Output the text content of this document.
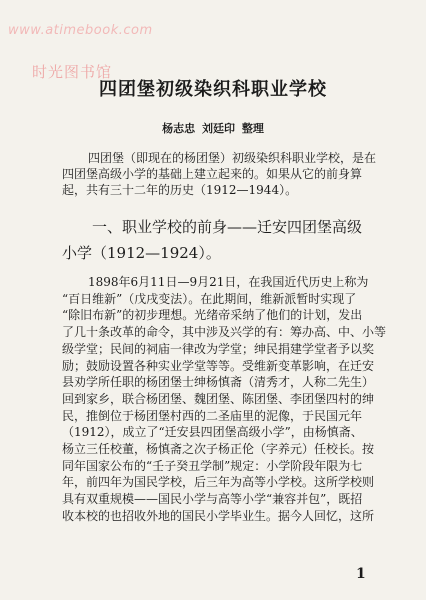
www.atimebook.com
时光图书馆
四团堡初级染织科职业学校
杨志忠 刘廷印 整理
四团堡（即现在的杨团堡）初级染织科职业学校，是在
四团堡高级小学的基础上建立起来的。如果从它的前身算
起，共有三十二年的历史（1912—1944）。
一、职业学校的前身——迁安四团堡高级
小学（1912—1924）。
1898年6月11日—9月21日，在我国近代历史上称为
“百日维新”（戊戌变法）。在此期间，维新派暂时实现了
“除旧布新”的初步理想。光绪帝采纳了他们的计划，发出
了几十条改革的命令，其中涉及兴学的有：筹办高、中、小等
级学堂；民间的祠庙一律改为学堂；绅民捐建学堂者予以奖
励；鼓励设置各种实业学堂等等。受维新变革影响，在迁安
县劝学所任职的杨团堡士绅杨慎斋（清秀才，人称二先生）
回到家乡，联合杨团堡、魏团堡、陈团堡、李团堡四村的绅
民，推倒位于杨团堡村西的二圣庙里的泥像，于民国元年
（1912），成立了“迁安县四团堡高级小学”，由杨慎斋、
杨立三任校董，杨慎斋之次子杨正伦（字养元）任校长。按
同年国家公布的“壬子癸丑学制”规定：小学阶段年限为七
年，前四年为国民学校，后三年为高等小学校。这所学校则
具有双重规模——国民小学与高等小学“兼容并包”，既招
收本校的也招收外地的国民小学毕业生。据今人回忆，这所
1
